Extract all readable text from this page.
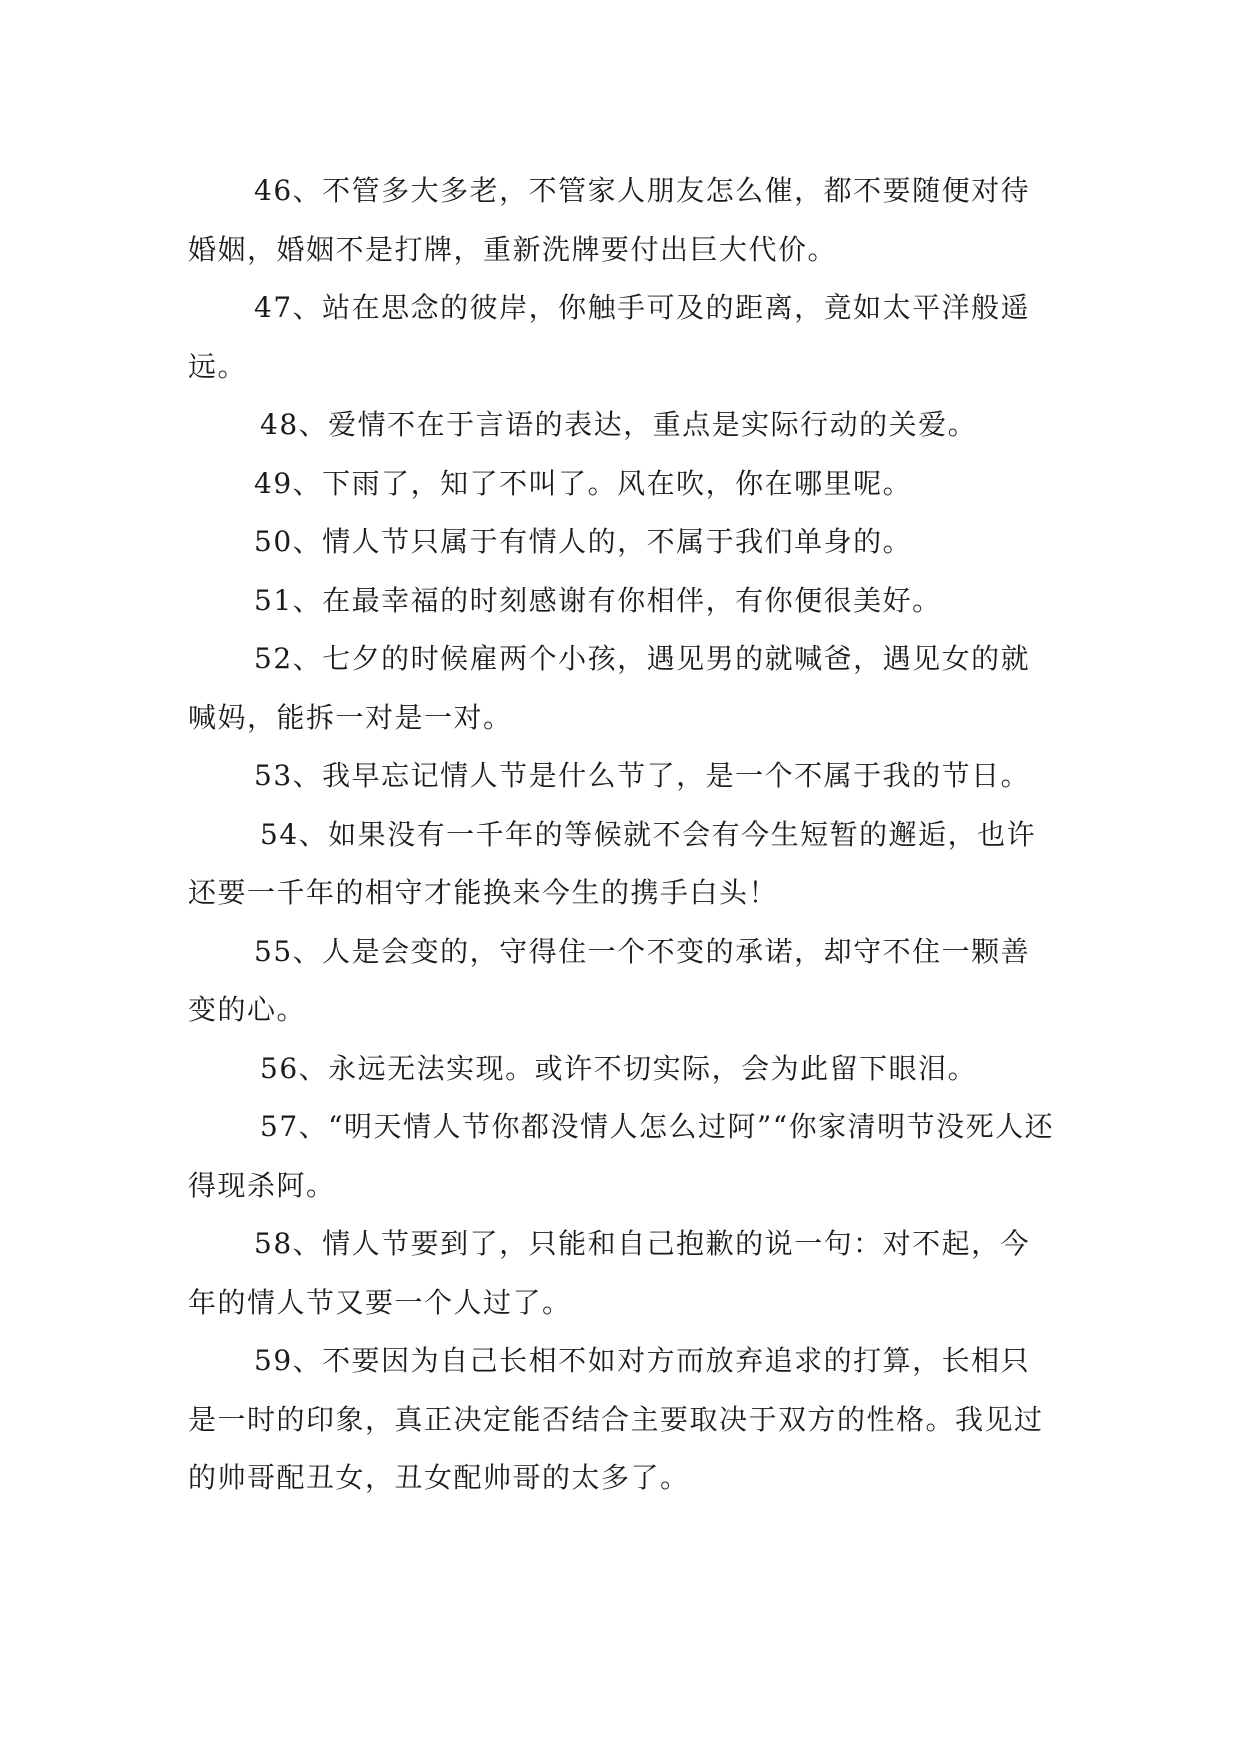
46、不管多大多老，不管家人朋友怎么催，都不要随便对待婚姻，婚姻不是打牌，重新洗牌要付出巨大代价。

47、站在思念的彼岸，你触手可及的距离，竟如太平洋般遥远。

48、爱情不在于言语的表达，重点是实际行动的关爱。

49、下雨了，知了不叫了。风在吹，你在哪里呢。

50、情人节只属于有情人的，不属于我们单身的。

51、在最幸福的时刻感谢有你相伴，有你便很美好。

52、七夕的时候雇两个小孩，遇见男的就喊爸，遇见女的就喊妈，能拆一对是一对。

53、我早忘记情人节是什么节了，是一个不属于我的节日。

54、如果没有一千年的等候就不会有今生短暂的邂逅，也许还要一千年的相守才能换来今生的携手白头！

55、人是会变的，守得住一个不变的承诺，却守不住一颗善变的心。

56、永远无法实现。或许不切实际，会为此留下眼泪。

57、“明天情人节你都没情人怎么过阿”“你家清明节没死人还得现杀阿。

58、情人节要到了，只能和自己抱歉的说一句：对不起，今年的情人节又要一个人过了。

59、不要因为自己长相不如对方而放弃追求的打算，长相只是一时的印象，真正决定能否结合主要取决于双方的性格。我见过的帅哥配丑女，丑女配帅哥的太多了。
